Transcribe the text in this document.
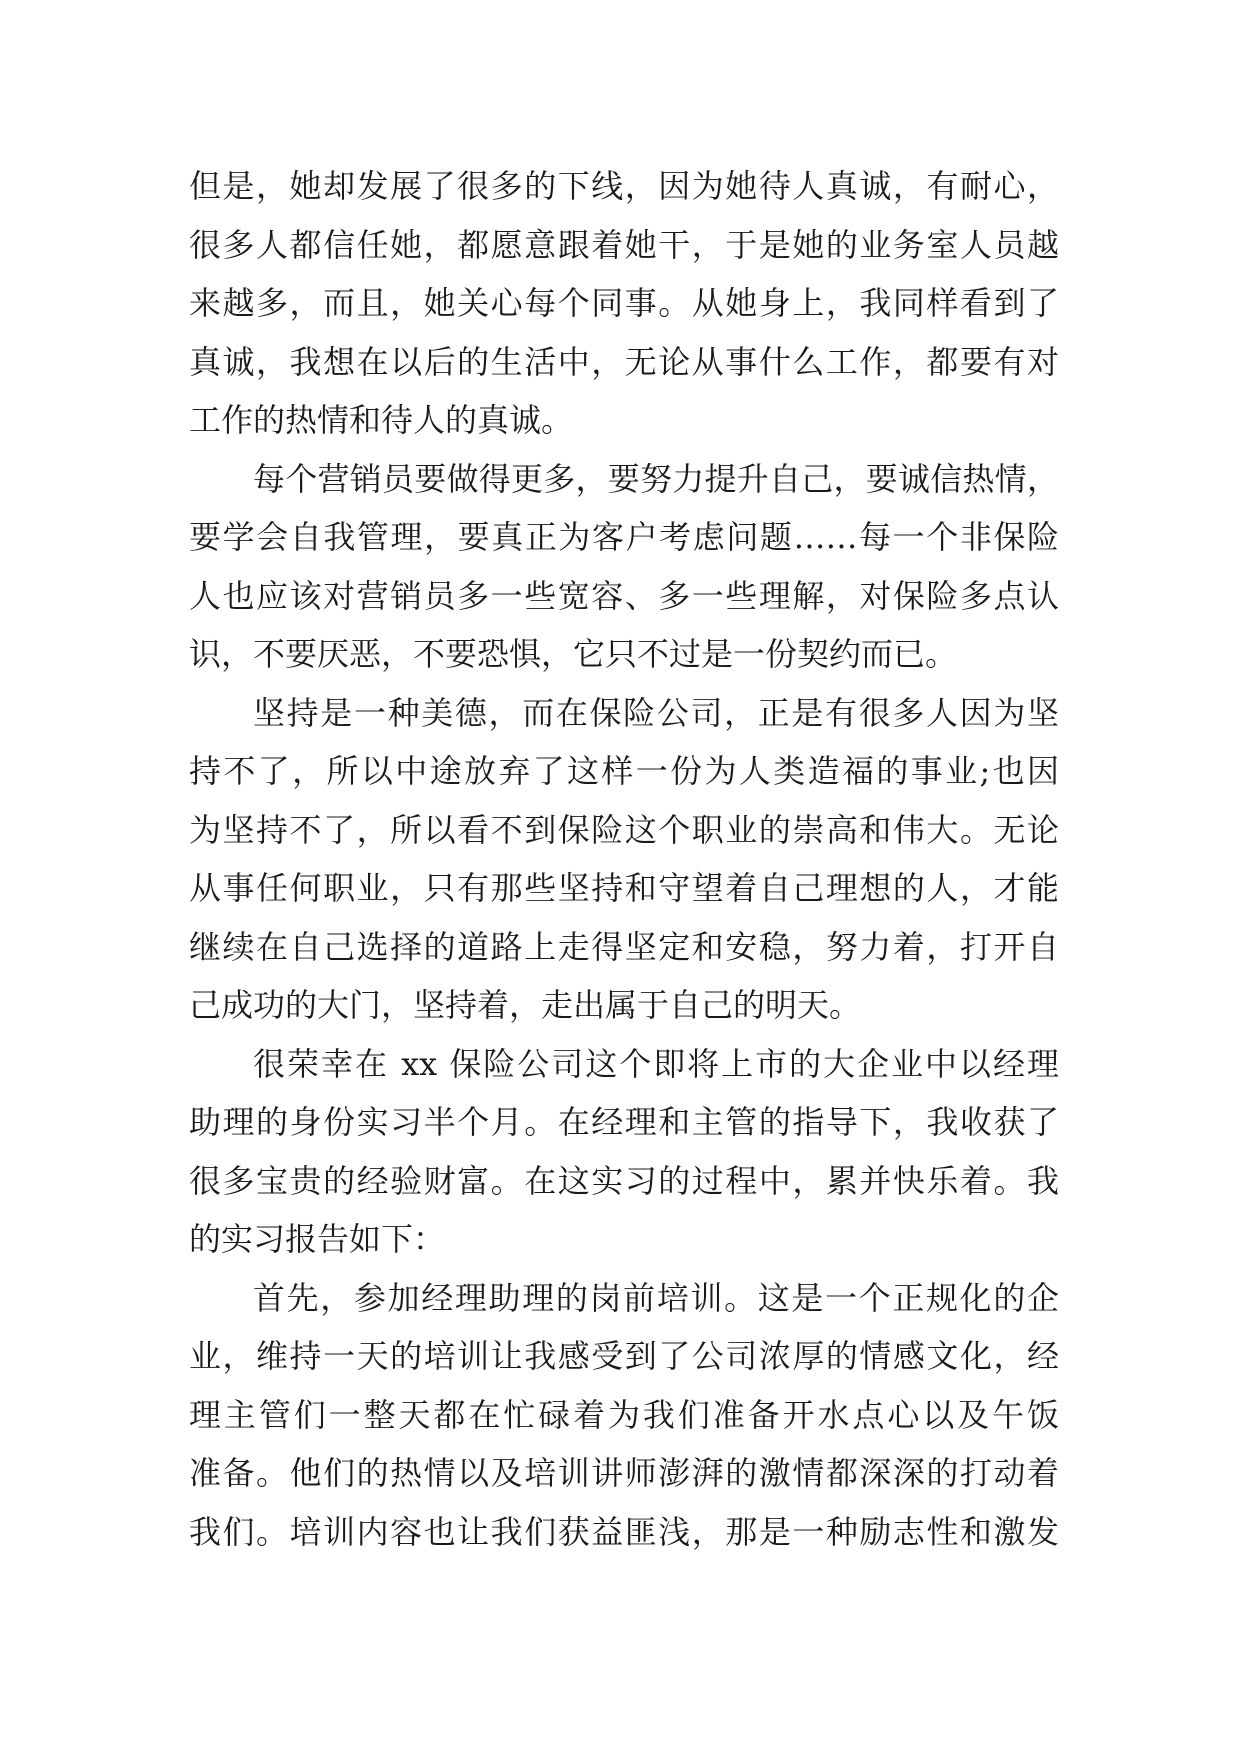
但是，她却发展了很多的下线，因为她待人真诚，有耐心，
很多人都信任她，都愿意跟着她干，于是她的业务室人员越
来越多，而且，她关心每个同事。从她身上，我同样看到了
真诚，我想在以后的生活中，无论从事什么工作，都要有对
工作的热情和待人的真诚。
每个营销员要做得更多，要努力提升自己，要诚信热情，
要学会自我管理，要真正为客户考虑问题……每一个非保险
人也应该对营销员多一些宽容、多一些理解，对保险多点认
识，不要厌恶，不要恐惧，它只不过是一份契约而已。
坚持是一种美德，而在保险公司，正是有很多人因为坚
持不了，所以中途放弃了这样一份为人类造福的事业;也因
为坚持不了，所以看不到保险这个职业的崇高和伟大。无论
从事任何职业，只有那些坚持和守望着自己理想的人，才能
继续在自己选择的道路上走得坚定和安稳，努力着，打开自
己成功的大门，坚持着，走出属于自己的明天。
很荣幸在 xx 保险公司这个即将上市的大企业中以经理
助理的身份实习半个月。在经理和主管的指导下，我收获了
很多宝贵的经验财富。在这实习的过程中，累并快乐着。我
的实习报告如下：
首先，参加经理助理的岗前培训。这是一个正规化的企
业，维持一天的培训让我感受到了公司浓厚的情感文化，经
理主管们一整天都在忙碌着为我们准备开水点心以及午饭
准备。他们的热情以及培训讲师澎湃的激情都深深的打动着
我们。培训内容也让我们获益匪浅，那是一种励志性和激发
